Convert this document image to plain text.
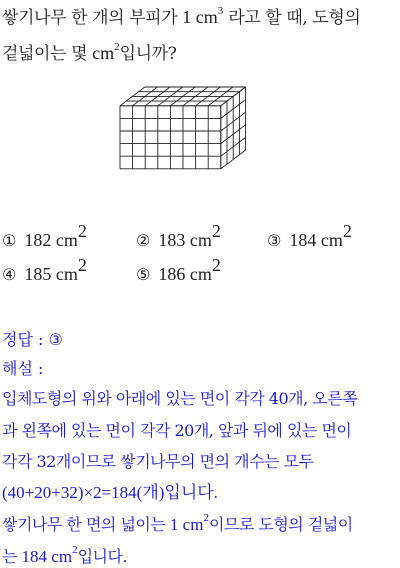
쌓기나무 한 개의 부피가 1 $cm^3$ 라고 할 때, 도형의
겉넓이는 몇 $cm^2$입니까?
① 182 $cm^2$	② 183 $cm^2$	③ 184 $cm^2$
④ 185 $cm^2$	⑤ 186 $cm^2$
정답 : ③
해설 :
입체도형의 위와 아래에 있는 면이 각각 40개, 오른쪽
과 왼쪽에 있는 면이 각각 20개, 앞과 뒤에 있는 면이
각각 32개이므로 쌓기나무의 면의 개수는 모두
(40+20+32)×2=184(개)입니다.
쌓기나무 한 면의 넓이는 1 $cm^2$이므로 도형의 겉넓이
는 184 $cm^2$입니다.
